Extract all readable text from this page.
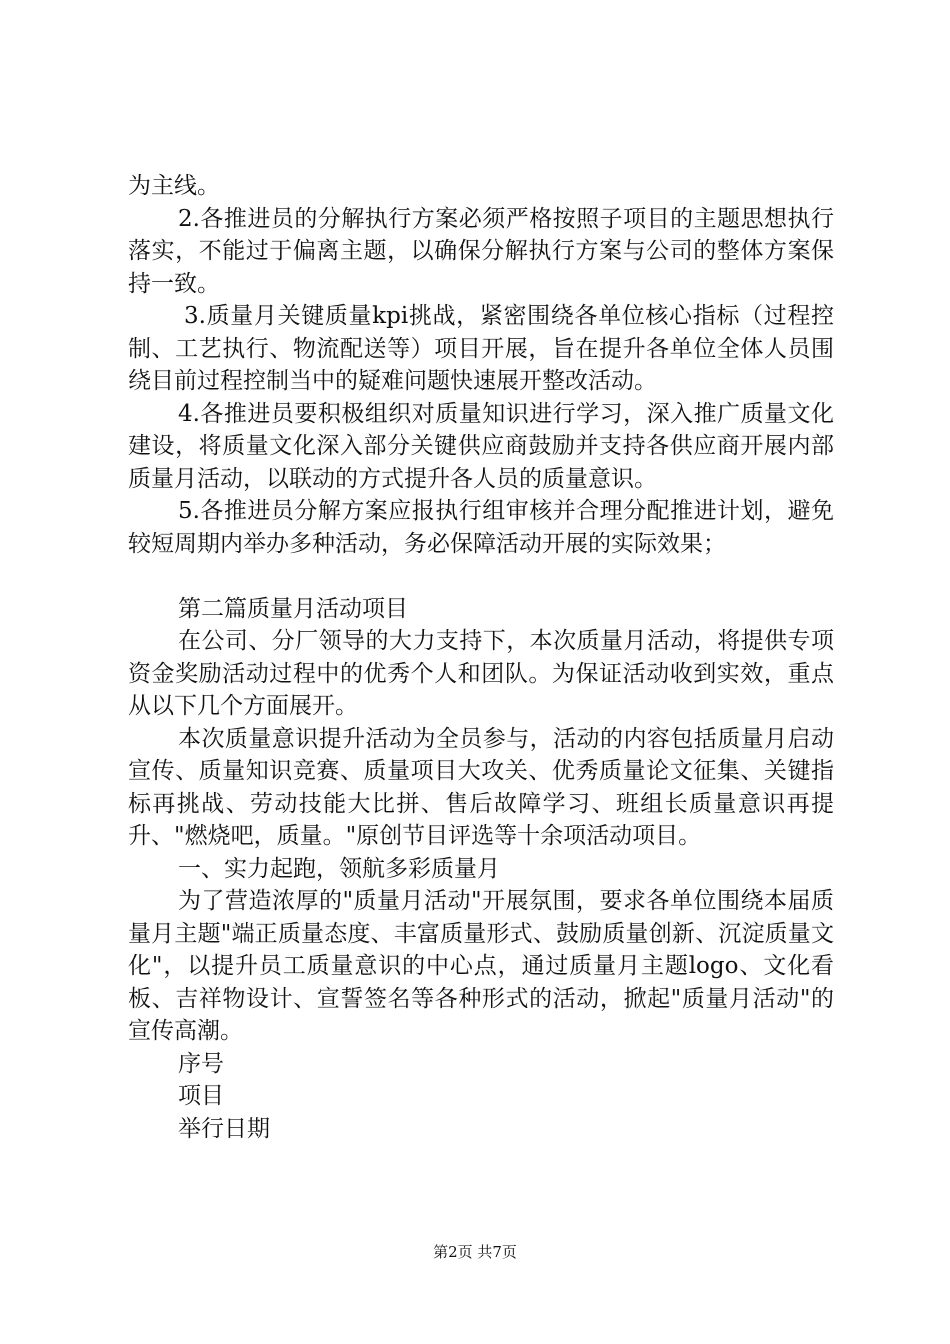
为主线。

2.各推进员的分解执行方案必须严格按照子项目的主题思想执行落实，不能过于偏离主题，以确保分解执行方案与公司的整体方案保持一致。

3.质量月关键质量kpi挑战，紧密围绕各单位核心指标（过程控制、工艺执行、物流配送等）项目开展，旨在提升各单位全体人员围绕目前过程控制当中的疑难问题快速展开整改活动。

4.各推进员要积极组织对质量知识进行学习，深入推广质量文化建设，将质量文化深入部分关键供应商鼓励并支持各供应商开展内部质量月活动，以联动的方式提升各人员的质量意识。

5.各推进员分解方案应报执行组审核并合理分配推进计划，避免较短周期内举办多种活动，务必保障活动开展的实际效果；

第二篇质量月活动项目

在公司、分厂领导的大力支持下，本次质量月活动，将提供专项资金奖励活动过程中的优秀个人和团队。为保证活动收到实效，重点从以下几个方面展开。

本次质量意识提升活动为全员参与，活动的内容包括质量月启动宣传、质量知识竞赛、质量项目大攻关、优秀质量论文征集、关键指标再挑战、劳动技能大比拼、售后故障学习、班组长质量意识再提升、"燃烧吧，质量。"原创节目评选等十余项活动项目。

一、实力起跑，领航多彩质量月

为了营造浓厚的"质量月活动"开展氛围，要求各单位围绕本届质量月主题"端正质量态度、丰富质量形式、鼓励质量创新、沉淀质量文化"，以提升员工质量意识的中心点，通过质量月主题logo、文化看板、吉祥物设计、宣誓签名等各种形式的活动，掀起"质量月活动"的宣传高潮。

序号

项目

举行日期

第2页 共7页
